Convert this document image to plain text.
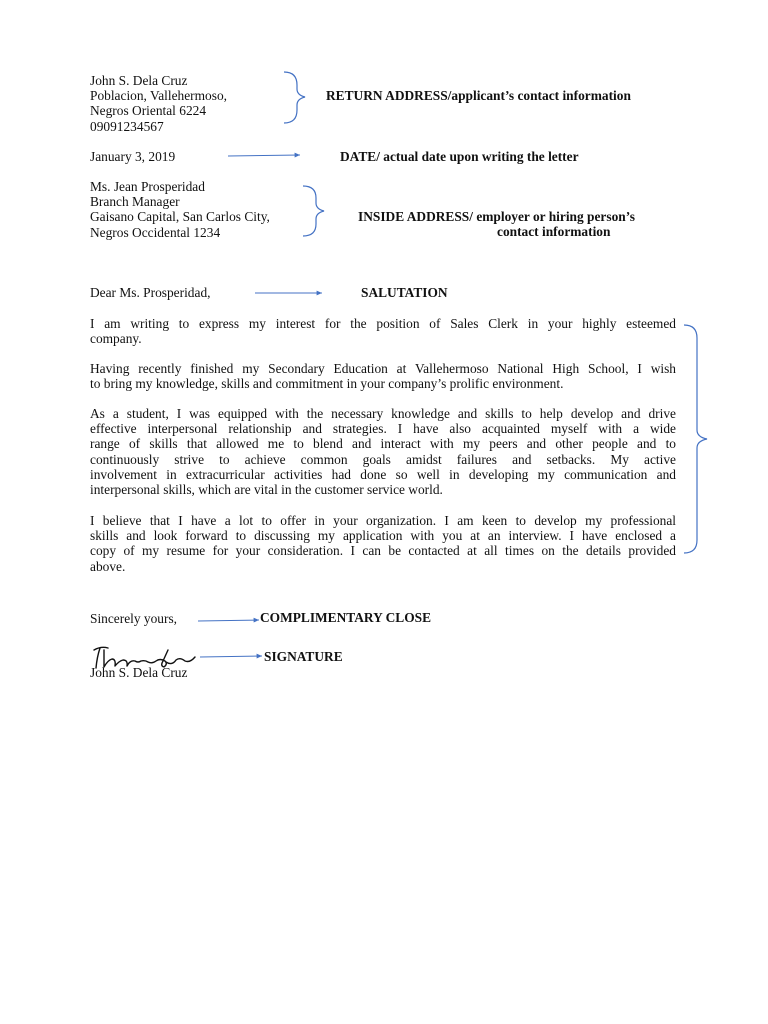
John S. Dela Cruz
Poblacion, Vallehermoso,
Negros Oriental 6224
09091234567
RETURN ADDRESS/applicant’s contact information
January 3, 2019	DATE/ actual date upon writing the letter
Ms. Jean Prosperidad
Branch Manager
Gaisano Capital, San Carlos City,
Negros Occidental 1234
INSIDE ADDRESS/ employer or hiring person’s
contact information
Dear Ms. Prosperidad,	SALUTATION
I am writing to express my interest for the position of Sales Clerk in your highly esteemed
company.
Having recently finished my Secondary Education at Vallehermoso National High School, I wish
to bring my knowledge, skills and commitment in your company’s prolific environment.
As a student, I was equipped with the necessary knowledge and skills to help develop and drive
effective interpersonal relationship and strategies. I have also acquainted myself with a wide
range of skills that allowed me to blend and interact with my peers and other people and to
continuously strive to achieve common goals amidst failures and setbacks. My active
involvement in extracurricular activities had done so well in developing my communication and
interpersonal skills, which are vital in the customer service world.
I believe that I have a lot to offer in your organization. I am keen to develop my professional
skills and look forward to discussing my application with you at an interview. I have enclosed a
copy of my resume for your consideration. I can be contacted at all times on the details provided
above.
Sincerely yours,	COMPLIMENTARY CLOSE
SIGNATURE
John S. Dela Cruz
